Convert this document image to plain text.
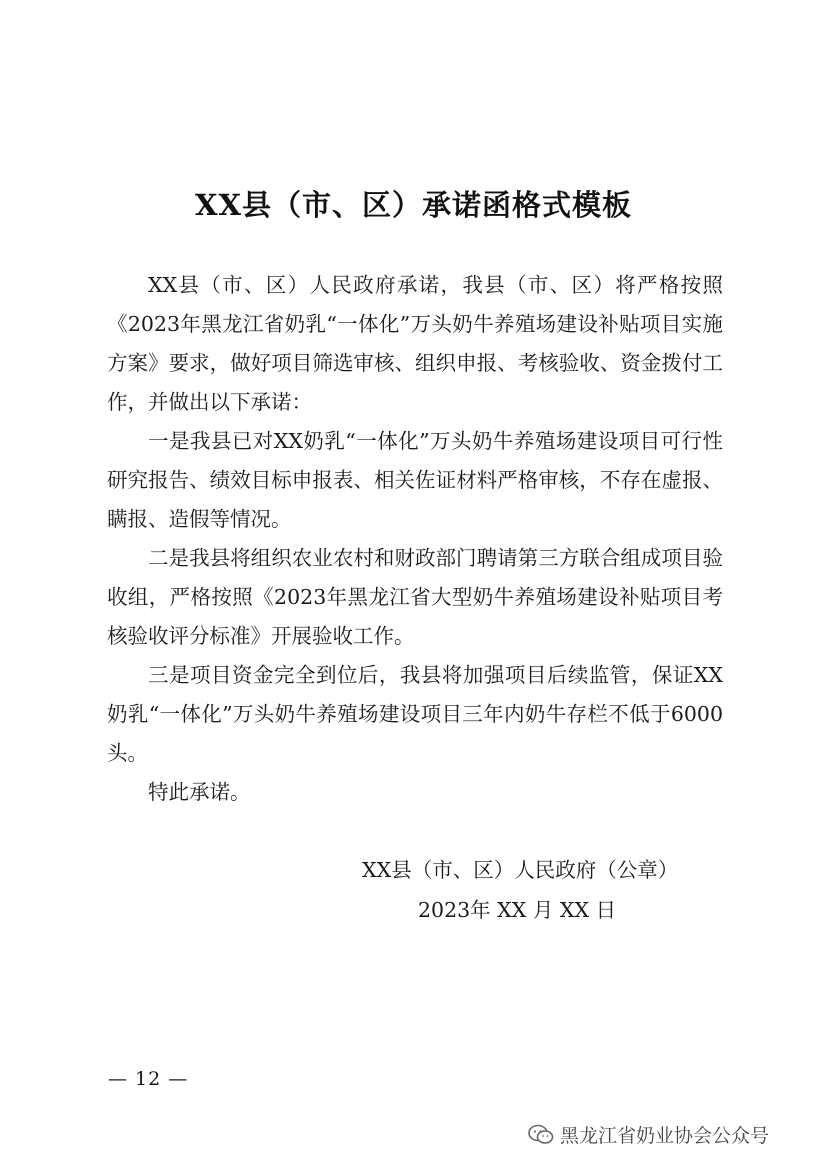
XX县（市、区）承诺函格式模板

XX县（市、区）人民政府承诺，我县（市、区）将严格按照《2023年黑龙江省奶乳“一体化”万头奶牛养殖场建设补贴项目实施方案》要求，做好项目筛选审核、组织申报、考核验收、资金拨付工作，并做出以下承诺：

一是我县已对XX奶乳“一体化”万头奶牛养殖场建设项目可行性研究报告、绩效目标申报表、相关佐证材料严格审核，不存在虚报、瞒报、造假等情况。

二是我县将组织农业农村和财政部门聘请第三方联合组成项目验收组，严格按照《2023年黑龙江省大型奶牛养殖场建设补贴项目考核验收评分标准》开展验收工作。

三是项目资金完全到位后，我县将加强项目后续监管，保证XX奶乳“一体化”万头奶牛养殖场建设项目三年内奶牛存栏不低于6000头。

特此承诺。

XX县（市、区）人民政府（公章）
2023年 XX 月 XX 日
— 12 —
黑龙江省奶业协会公众号
